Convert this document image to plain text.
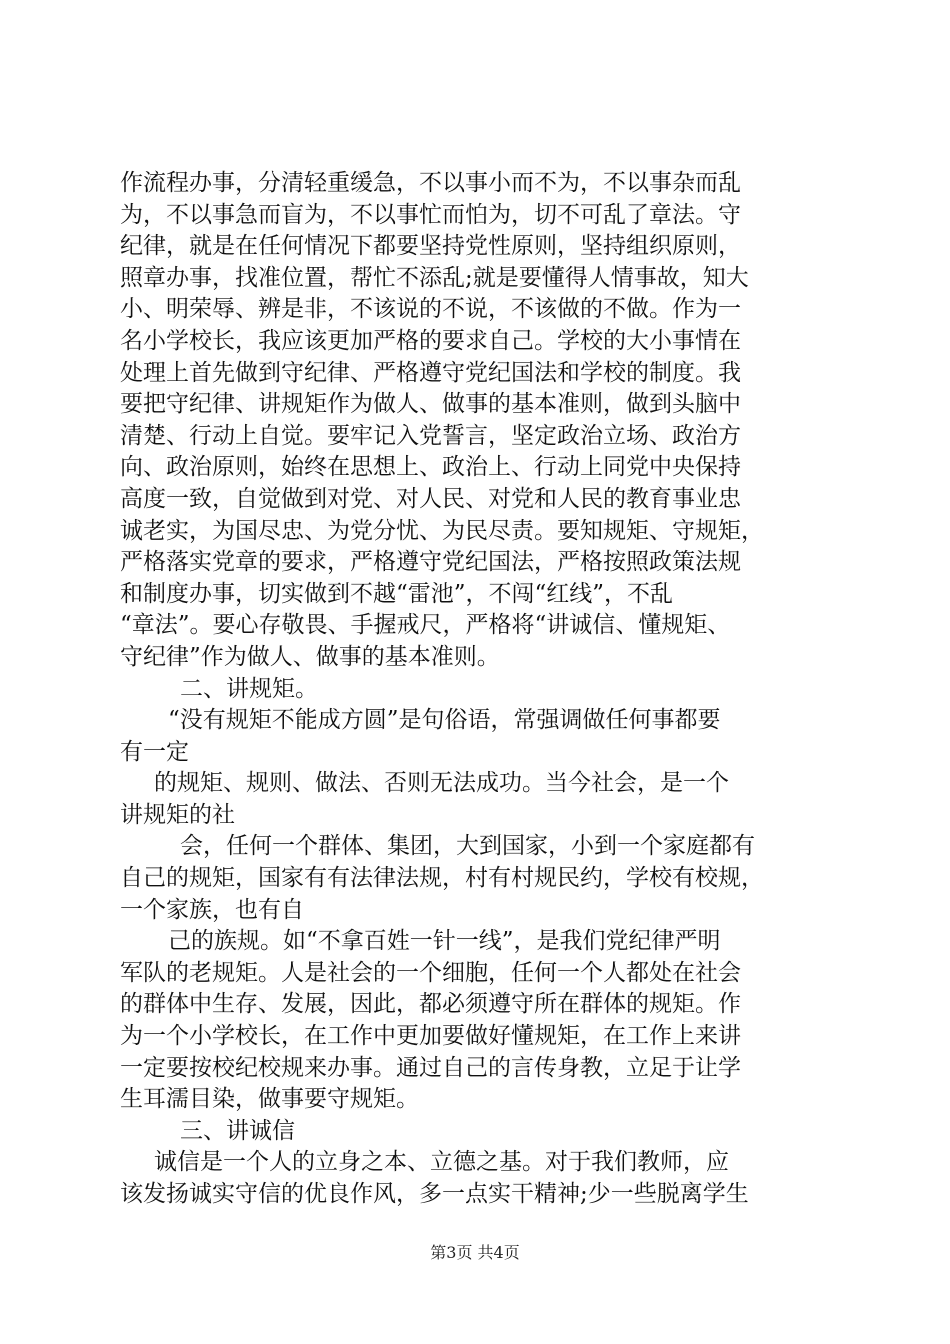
作流程办事，分清轻重缓急，不以事小而不为，不以事杂而乱
为，不以事急而盲为，不以事忙而怕为，切不可乱了章法。守
纪律，就是在任何情况下都要坚持党性原则，坚持组织原则，
照章办事，找准位置，帮忙不添乱;就是要懂得人情事故，知大
小、明荣辱、辨是非，不该说的不说，不该做的不做。作为一
名小学校长，我应该更加严格的要求自己。学校的大小事情在
处理上首先做到守纪律、严格遵守党纪国法和学校的制度。我
要把守纪律、讲规矩作为做人、做事的基本准则，做到头脑中
清楚、行动上自觉。要牢记入党誓言，坚定政治立场、政治方
向、政治原则，始终在思想上、政治上、行动上同党中央保持
高度一致，自觉做到对党、对人民、对党和人民的教育事业忠
诚老实，为国尽忠、为党分忧、为民尽责。要知规矩、守规矩，
严格落实党章的要求，严格遵守党纪国法，严格按照政策法规
和制度办事，切实做到不越“雷池”，不闯“红线”，不乱
“章法”。要心存敬畏、手握戒尺，严格将“讲诚信、懂规矩、
守纪律”作为做人、做事的基本准则。
二、讲规矩。
“没有规矩不能成方圆”是句俗语，常强调做任何事都要
有一定
的规矩、规则、做法、否则无法成功。当今社会，是一个
讲规矩的社
会，任何一个群体、集团，大到国家，小到一个家庭都有
自己的规矩，国家有有法律法规，村有村规民约，学校有校规，
一个家族，也有自
己的族规。如“不拿百姓一针一线”，是我们党纪律严明
军队的老规矩。人是社会的一个细胞，任何一个人都处在社会
的群体中生存、发展，因此，都必须遵守所在群体的规矩。作
为一个小学校长，在工作中更加要做好懂规矩，在工作上来讲
一定要按校纪校规来办事。通过自己的言传身教，立足于让学
生耳濡目染，做事要守规矩。
三、讲诚信
诚信是一个人的立身之本、立德之基。对于我们教师，应
该发扬诚实守信的优良作风，多一点实干精神;少一些脱离学生
第3页 共4页
